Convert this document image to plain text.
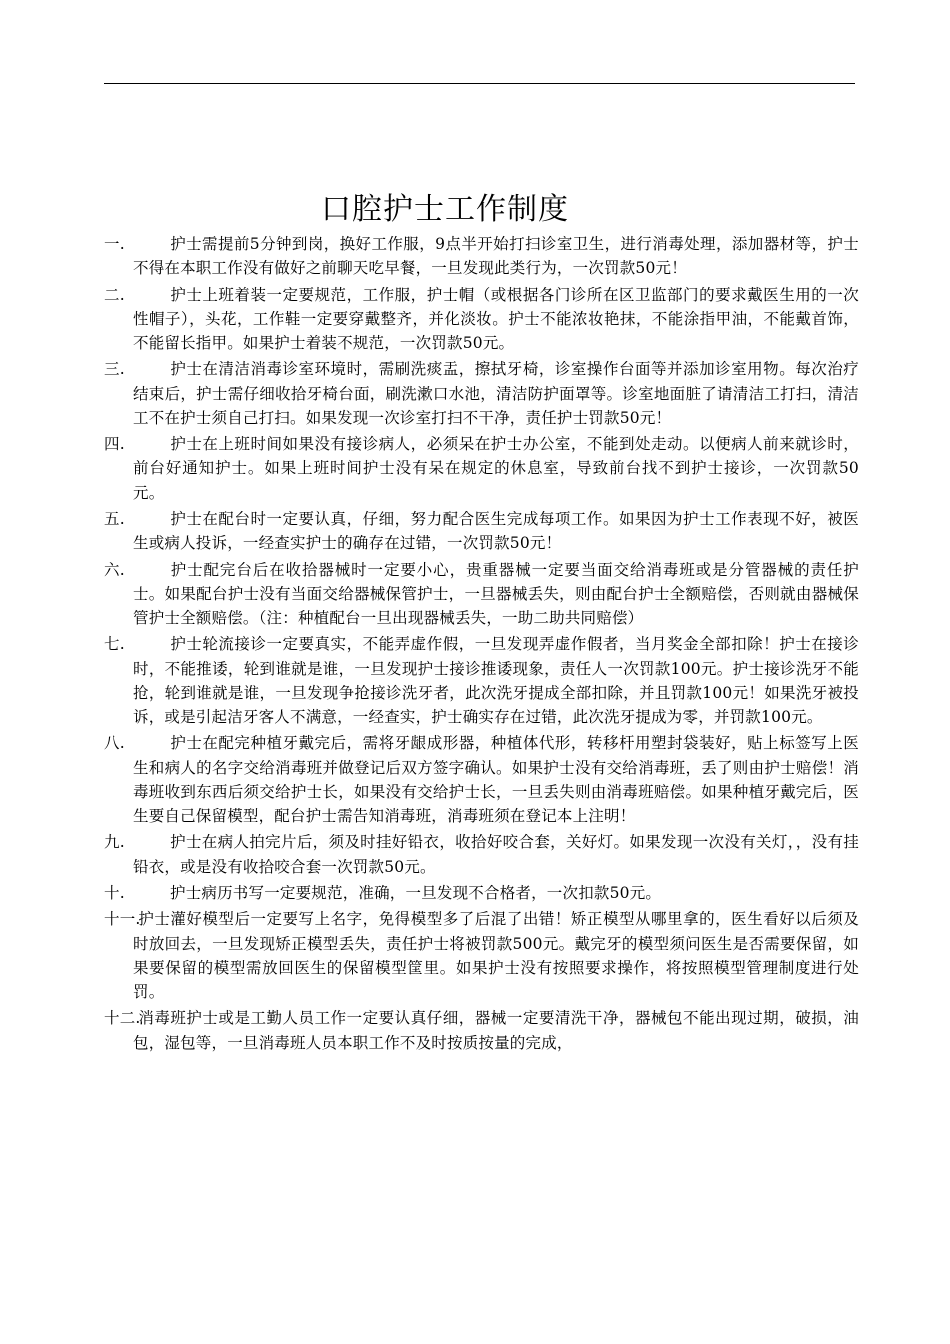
口腔护士工作制度
一.	护士需提前5分钟到岗，换好工作服，9点半开始打扫诊室卫生，进行消毒处理，添加器材等，护士不得在本职工作没有做好之前聊天吃早餐，一旦发现此类行为，一次罚款50元！
二.	护士上班着装一定要规范，工作服，护士帽（或根据各门诊所在区卫监部门的要求戴医生用的一次性帽子），头花，工作鞋一定要穿戴整齐，并化淡妆。护士不能浓妆艳抹，不能涂指甲油，不能戴首饰，不能留长指甲。如果护士着装不规范，一次罚款50元。
三.	护士在清洁消毒诊室环境时，需刷洗痰盂，擦拭牙椅，诊室操作台面等并添加诊室用物。每次治疗结束后，护士需仔细收拾牙椅台面，刷洗漱口水池，清洁防护面罩等。诊室地面脏了请清洁工打扫，清洁工不在护士须自己打扫。如果发现一次诊室打扫不干净，责任护士罚款50元！
四.	护士在上班时间如果没有接诊病人，必须呆在护士办公室，不能到处走动。以便病人前来就诊时，前台好通知护士。如果上班时间护士没有呆在规定的休息室，导致前台找不到护士接诊，一次罚款50元。
五.	护士在配台时一定要认真，仔细，努力配合医生完成每项工作。如果因为护士工作表现不好，被医生或病人投诉，一经查实护士的确存在过错，一次罚款50元！
六.	护士配完台后在收拾器械时一定要小心，贵重器械一定要当面交给消毒班或是分管器械的责任护士。如果配台护士没有当面交给器械保管护士，一旦器械丢失，则由配台护士全额赔偿，否则就由器械保管护士全额赔偿。（注：种植配台一旦出现器械丢失，一助二助共同赔偿）
七.	护士轮流接诊一定要真实，不能弄虚作假，一旦发现弄虚作假者，当月奖金全部扣除！护士在接诊时，不能推诿，轮到谁就是谁，一旦发现护士接诊推诿现象，责任人一次罚款100元。护士接诊洗牙不能抢，轮到谁就是谁，一旦发现争抢接诊洗牙者，此次洗牙提成全部扣除，并且罚款100元！如果洗牙被投诉，或是引起洁牙客人不满意，一经查实，护士确实存在过错，此次洗牙提成为零，并罚款100元。
八.	护士在配完种植牙戴完后，需将牙龈成形器，种植体代形，转移杆用塑封袋装好，贴上标签写上医生和病人的名字交给消毒班并做登记后双方签字确认。如果护士没有交给消毒班，丢了则由护士赔偿！消毒班收到东西后须交给护士长，如果没有交给护士长，一旦丢失则由消毒班赔偿。如果种植牙戴完后，医生要自己保留模型，配台护士需告知消毒班，消毒班须在登记本上注明！
九.	护士在病人拍完片后，须及时挂好铅衣，收拾好咬合套，关好灯。如果发现一次没有关灯，，没有挂铅衣，或是没有收拾咬合套一次罚款50元。
十.	护士病历书写一定要规范，准确，一旦发现不合格者，一次扣款50元。
十一.
护士灌好模型后一定要写上名字，免得模型多了后混了出错！矫正模型从哪里拿的，医生看好以后须及时放回去，一旦发现矫正模型丢失，责任护士将被罚款500元。戴完牙的模型须问医生是否需要保留，如果要保留的模型需放回医生的保留模型筐里。如果护士没有按照要求操作，将按照模型管理制度进行处罚。
十二.
消毒班护士或是工勤人员工作一定要认真仔细，器械一定要清洗干净，器械包不能出现过期，破损，油包，湿包等，一旦消毒班人员本职工作不及时按质按量的完成，
